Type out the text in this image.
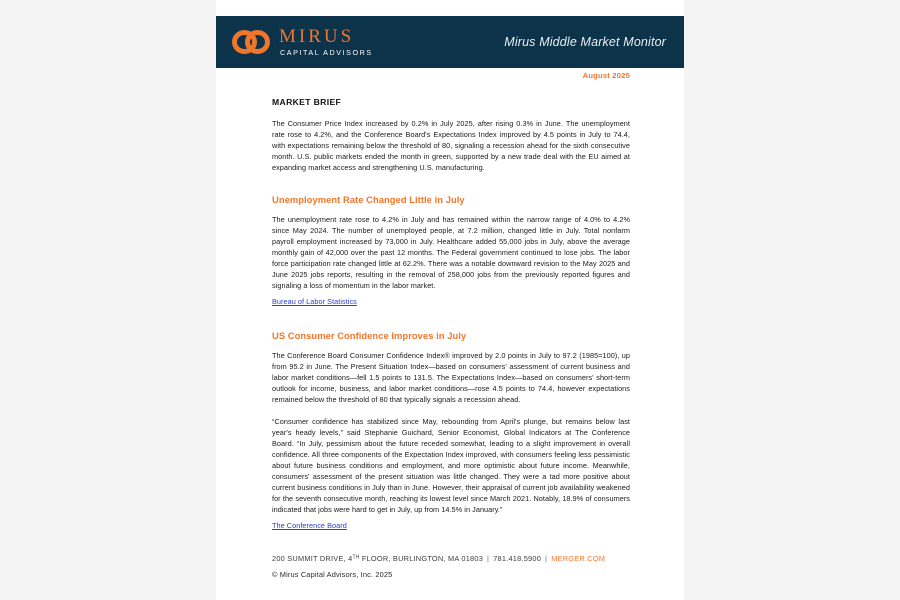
MIRUS
CAPITAL ADVISORS
Mirus Middle Market Monitor
August 2025
MARKET BRIEF

The Consumer Price Index increased by 0.2% in July 2025, after rising 0.3% in June. The unemployment rate rose to 4.2%, and the Conference Board's Expectations Index improved by 4.5 points in July to 74.4, with expectations remaining below the threshold of 80, signaling a recession ahead for the sixth consecutive month. U.S. public markets ended the month in green, supported by a new trade deal with the EU aimed at expanding market access and strengthening U.S. manufacturing.

Unemployment Rate Changed Little in July

The unemployment rate rose to 4.2% in July and has remained within the narrow range of 4.0% to 4.2% since May 2024. The number of unemployed people, at 7.2 million, changed little in July. Total nonfarm payroll employment increased by 73,000 in July. Healthcare added 55,000 jobs in July, above the average monthly gain of 42,000 over the past 12 months. The Federal government continued to lose jobs. The labor force participation rate changed little at 62.2%. There was a notable downward revision to the May 2025 and June 2025 jobs reports, resulting in the removal of 258,000 jobs from the previously reported figures and signaling a loss of momentum in the labor market.

Bureau of Labor Statistics
US Consumer Confidence Improves in July

The Conference Board Consumer Confidence Index® improved by 2.0 points in July to 97.2 (1985=100), up from 95.2 in June. The Present Situation Index—based on consumers' assessment of current business and labor market conditions—fell 1.5 points to 131.5. The Expectations Index—based on consumers' short-term outlook for income, business, and labor market conditions—rose 4.5 points to 74.4, however expectations remained below the threshold of 80 that typically signals a recession ahead.

“Consumer confidence has stabilized since May, rebounding from April's plunge, but remains below last year's heady levels,” said Stephanie Guichard, Senior Economist, Global Indicators at The Conference Board. “In July, pessimism about the future receded somewhat, leading to a slight improvement in overall confidence. All three components of the Expectation Index improved, with consumers feeling less pessimistic about future business conditions and employment, and more optimistic about future income. Meanwhile, consumers' assessment of the present situation was little changed. They were a tad more positive about current business conditions in July than in June. However, their appraisal of current job availability weakened for the seventh consecutive month, reaching its lowest level since March 2021. Notably, 18.9% of consumers indicated that jobs were hard to get in July, up from 14.5% in January.”

The Conference Board
200 SUMMIT DRIVE, 4TH FLOOR, BURLINGTON, MA 01803 | 781.418.5900 | MERGER.COM
© Mirus Capital Advisors, Inc. 2025
